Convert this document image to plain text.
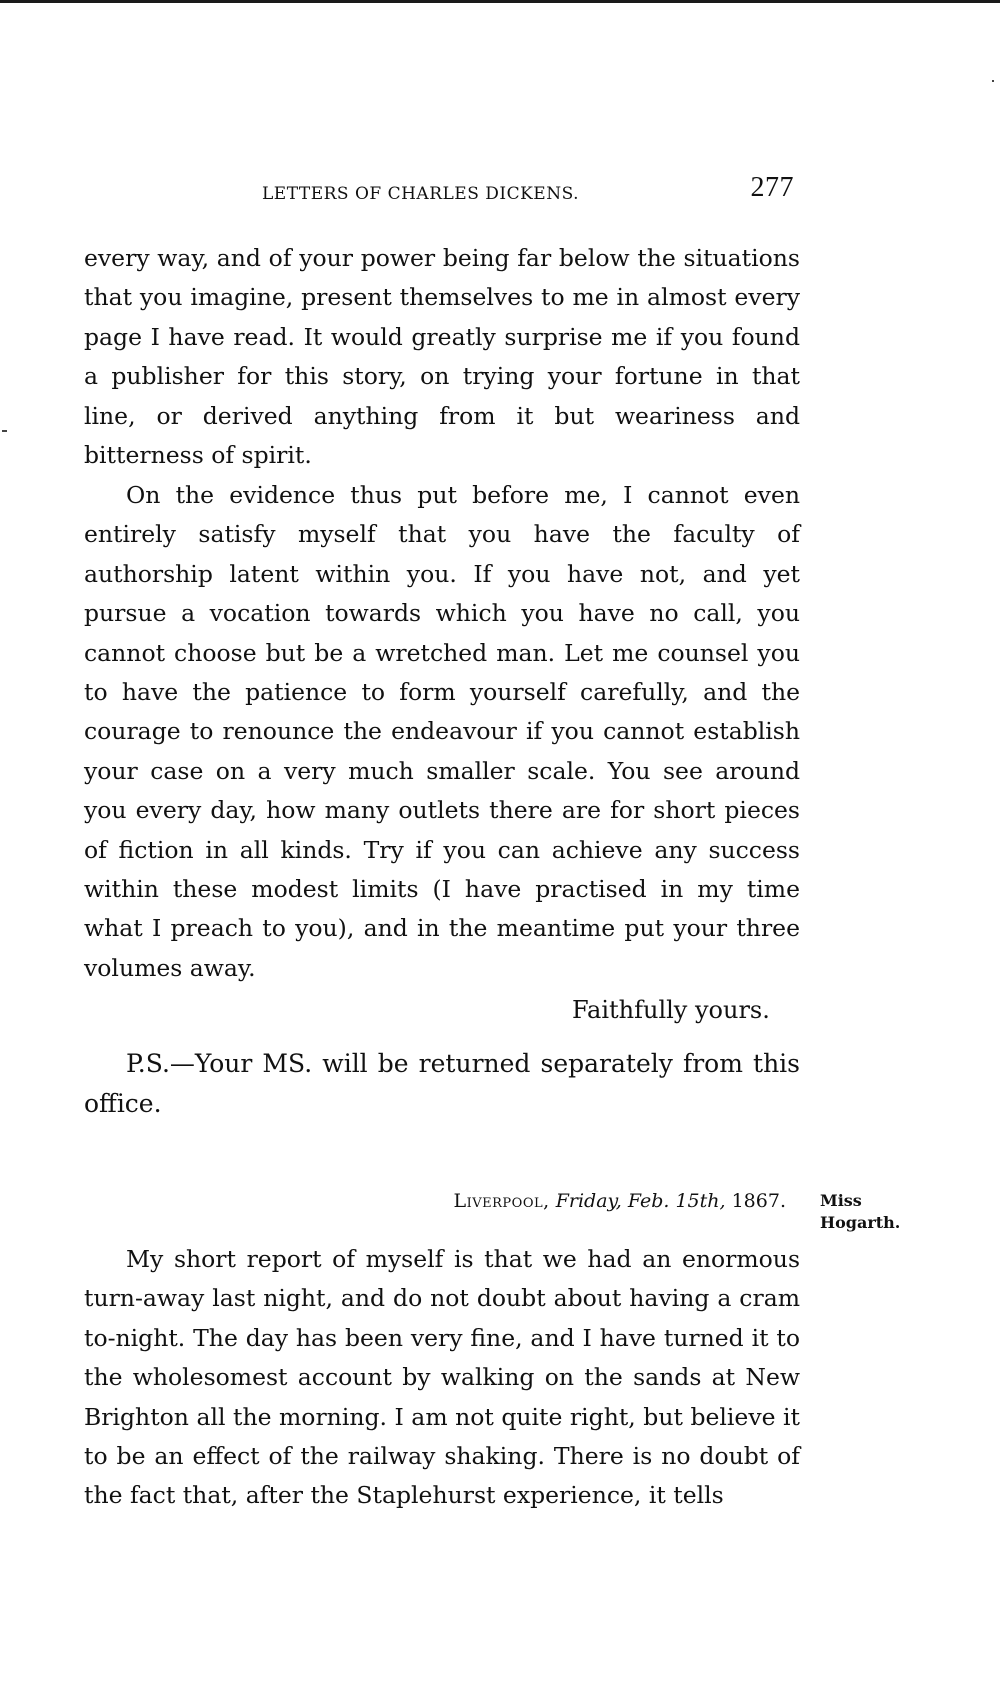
LETTERS OF CHARLES DICKENS.	277

every way, and of your power being far below the situations that you imagine, present themselves to me in almost every page I have read. It would greatly surprise me if you found a publisher for this story, on trying your fortune in that line, or derived anything from it but weariness and bitterness of spirit.

On the evidence thus put before me, I cannot even entirely satisfy myself that you have the faculty of authorship latent within you. If you have not, and yet pursue a vocation towards which you have no call, you cannot choose but be a wretched man. Let me counsel you to have the patience to form yourself carefully, and the courage to renounce the endeavour if you cannot establish your case on a very much smaller scale. You see around you every day, how many outlets there are for short pieces of fiction in all kinds. Try if you can achieve any success within these modest limits (I have practised in my time what I preach to you), and in the meantime put your three volumes away.

Faithfully yours.

P.S.—Your MS. will be returned separately from this office.

Liverpool, Friday, Feb. 15th, 1867. Miss
Hogarth.

My short report of myself is that we had an enormous turn-away last night, and do not doubt about having a cram to-night. The day has been very fine, and I have turned it to the wholesomest account by walking on the sands at New Brighton all the morning. I am not quite right, but believe it to be an effect of the railway shaking. There is no doubt of the fact that, after the Staplehurst experience, it tells
